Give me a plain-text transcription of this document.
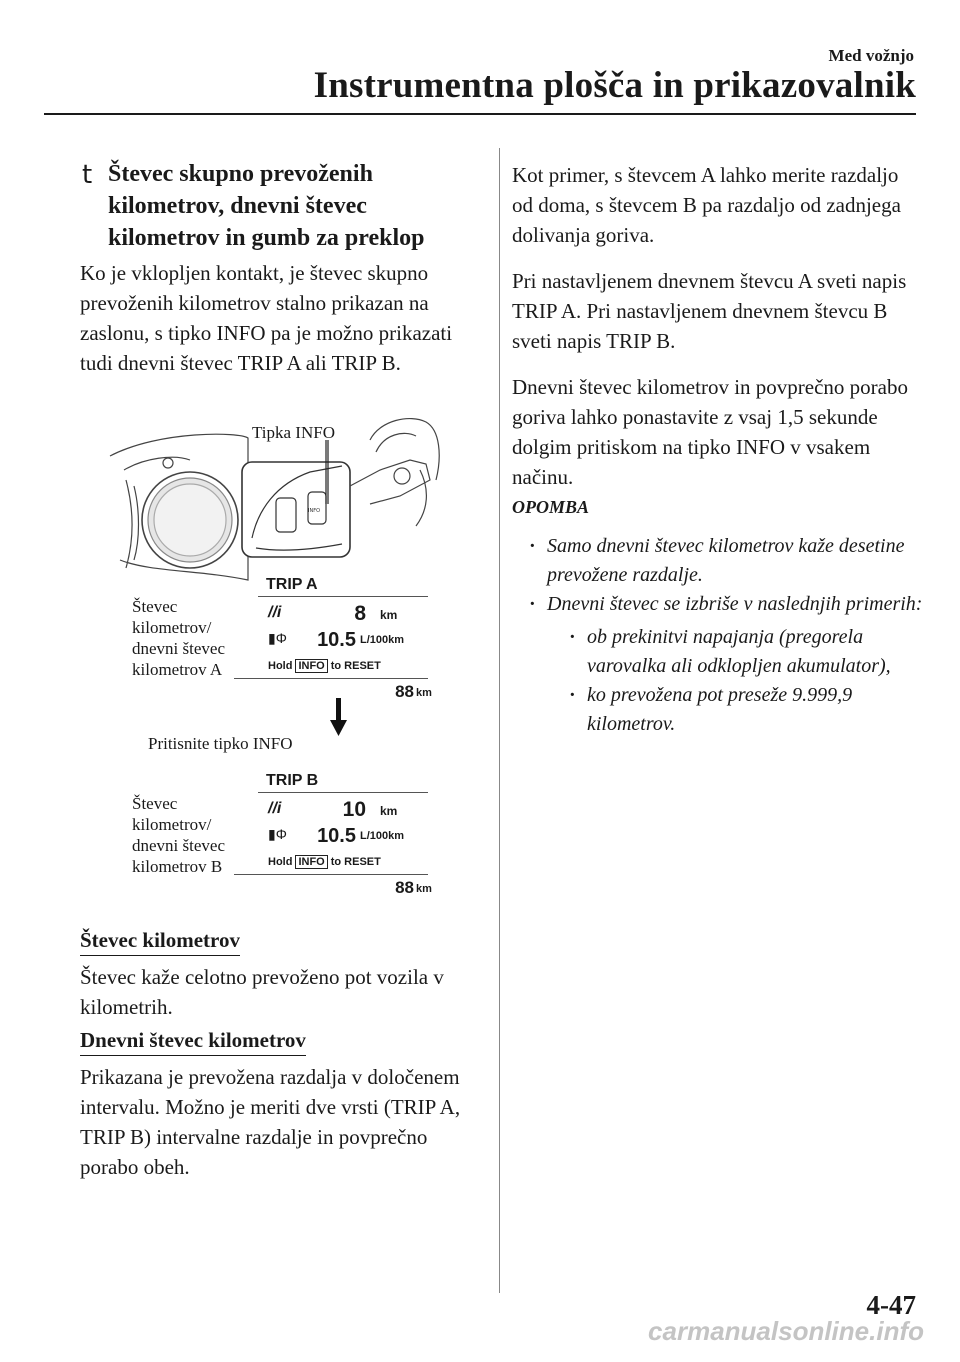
Med vožnjo
Instrumentna plošča in prikazovalnik
t Števec skupno prevoženih kilometrov, dnevni števec kilometrov in gumb za preklop
Ko je vklopljen kontakt, je števec skupno prevoženih kilometrov stalno prikazan na zaslonu, s tipko INFO pa je možno prikazati tudi dnevni števec TRIP A ali TRIP B.
INFO
Tipka INFO
Števec kilometrov/ dnevni števec kilometrov A
Pritisnite tipko INFO
Števec kilometrov/ dnevni števec kilometrov B
TRIP A
//i	8 km
▮Φ 10.5 L/100km
Hold INFO to RESET
88 km
TRIP B
//i	10 km
▮Φ 10.5 L/100km
Hold INFO to RESET
88 km
Števec kilometrov
Števec kaže celotno prevoženo pot vozila v kilometrih.
Dnevni števec kilometrov
Prikazana je prevožena razdalja v določenem intervalu. Možno je meriti dve vrsti (TRIP A, TRIP B) intervalne razdalje in povprečno porabo obeh.
Kot primer, s števcem A lahko merite razdaljo od doma, s števcem B pa razdaljo od zadnjega dolivanja goriva.
Pri nastavljenem dnevnem števcu A sveti napis TRIP A. Pri nastavljenem dnevnem števcu B sveti napis TRIP B.
Dnevni števec kilometrov in povprečno porabo goriva lahko ponastavite z vsaj 1,5 sekunde dolgim pritiskom na tipko INFO v vsakem načinu.
OPOMBA
· Samo dnevni števec kilometrov kaže desetine prevožene razdalje.
· Dnevni števec se izbriše v naslednjih primerih:
· ob prekinitvi napajanja (pregorela varovalka ali odklopljen akumulator),
· ko prevožena pot preseže 9.999,9 kilometrov.
4-47
carmanualsonline.info
